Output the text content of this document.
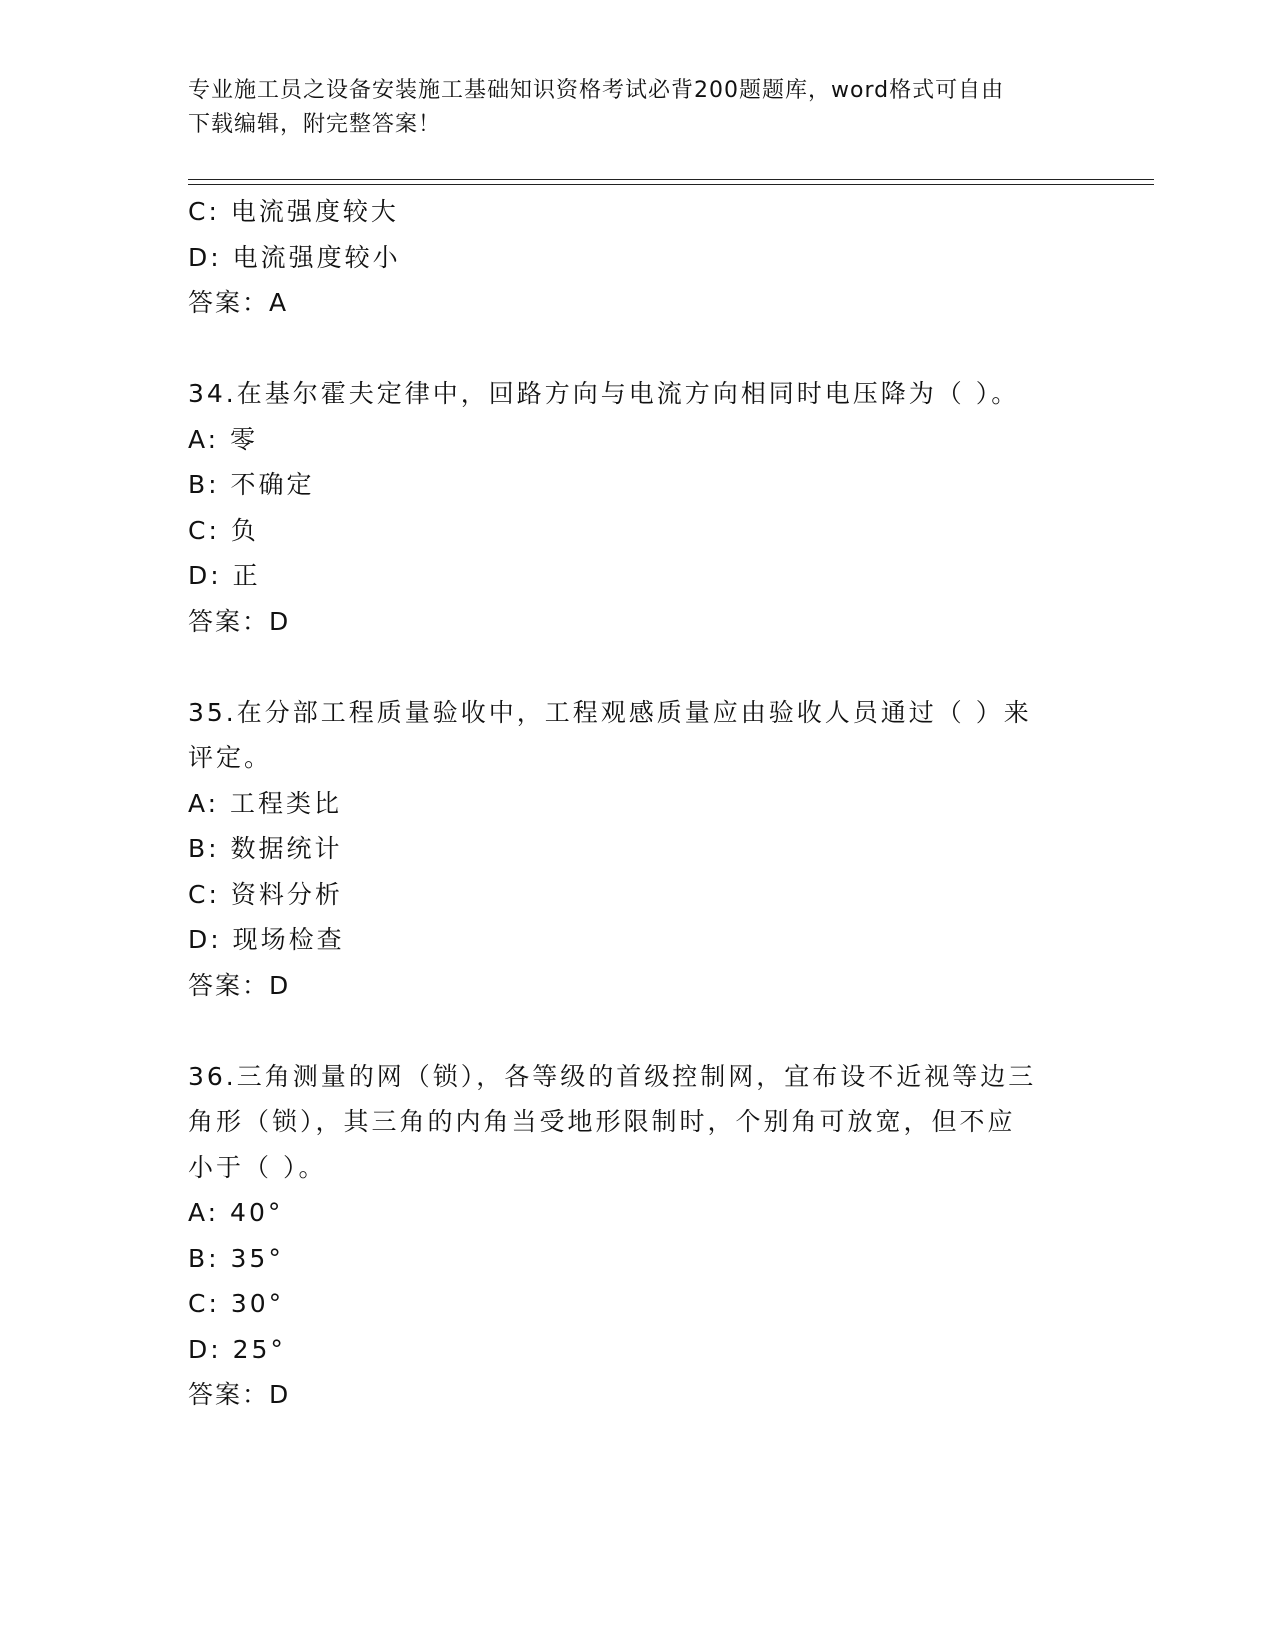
专业施工员之设备安装施工基础知识资格考试必背200题题库，word格式可自由
下载编辑，附完整答案！
C: 电流强度较大
D: 电流强度较小
答案：A
34.在基尔霍夫定律中，回路方向与电流方向相同时电压降为（ ）。
A: 零
B: 不确定
C: 负
D: 正
答案：D
35.在分部工程质量验收中，工程观感质量应由验收人员通过（ ）来
评定。
A: 工程类比
B: 数据统计
C: 资料分析
D: 现场检查
答案：D
36.三角测量的网（锁），各等级的首级控制网，宜布设不近视等边三
角形（锁），其三角的内角当受地形限制时，个别角可放宽，但不应
小于（ ）。
A: 40°
B: 35°
C: 30°
D: 25°
答案：D
